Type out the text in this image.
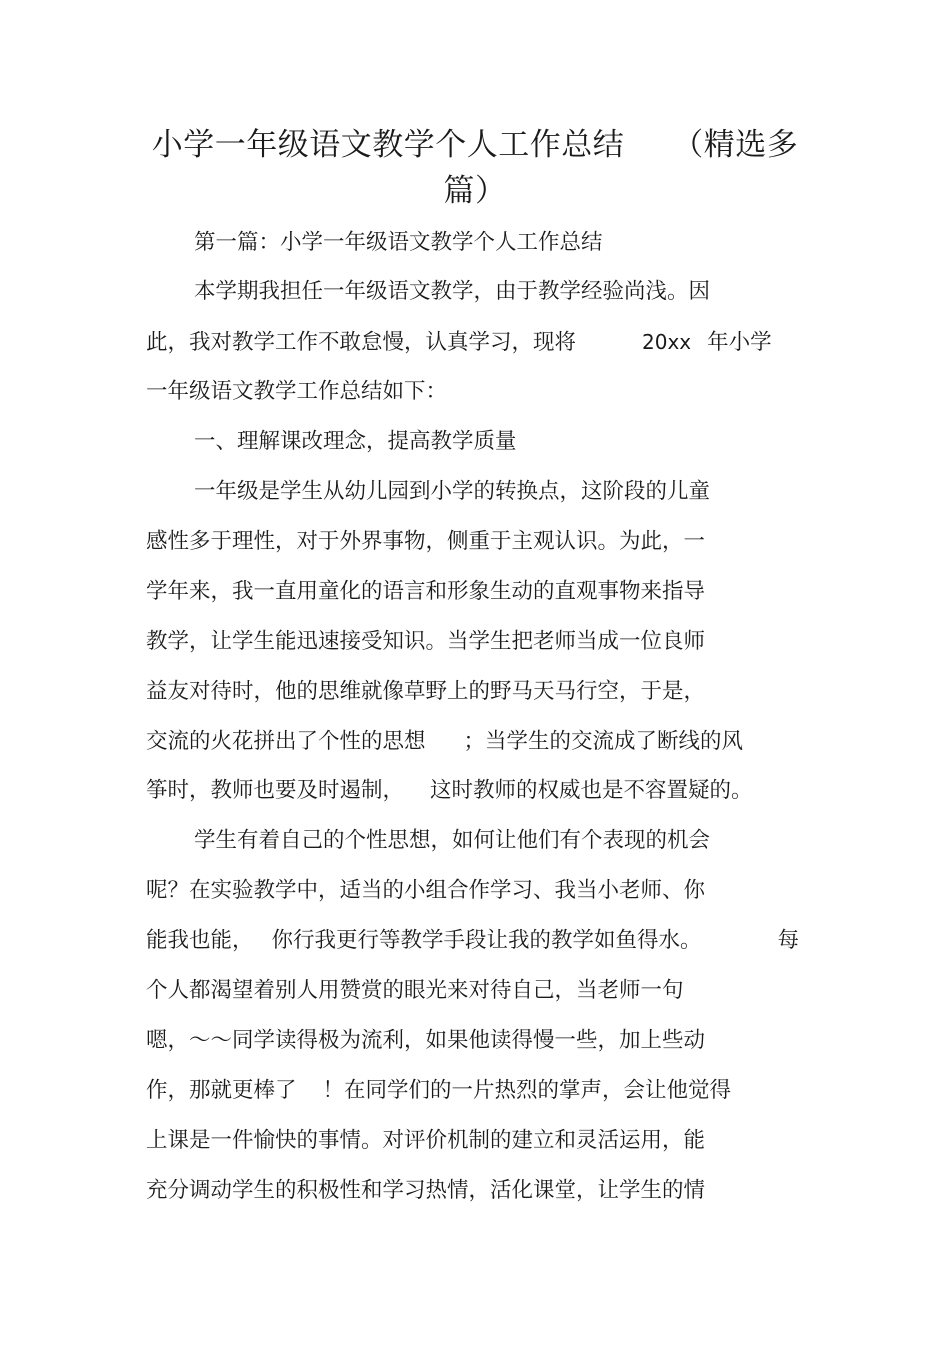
小学一年级语文教学个人工作总结 （精选多
篇）

第一篇：小学一年级语文教学个人工作总结

本学期我担任一年级语文教学，由于教学经验尚浅。因

此，我对教学工作不敢怠慢，认真学习，现将	20xx 年小学

一年级语文教学工作总结如下：

一、理解课改理念，提高教学质量

一年级是学生从幼儿园到小学的转换点，这阶段的儿童

感性多于理性，对于外界事物，侧重于主观认识。为此，一

学年来，我一直用童化的语言和形象生动的直观事物来指导

教学，让学生能迅速接受知识。当学生把老师当成一位良师

益友对待时，他的思维就像草野上的野马天马行空，于是，

交流的火花拼出了个性的思想 ；当学生的交流成了断线的风

筝时，教师也要及时遏制， 这时教师的权威也是不容置疑的。

学生有着自己的个性思想，如何让他们有个表现的机会

呢？在实验教学中，适当的小组合作学习、我当小老师、你

能我也能， 你行我更行等教学手段让我的教学如鱼得水。	每

个人都渴望着别人用赞赏的眼光来对待自己，当老师一句

嗯，～～同学读得极为流利，如果他读得慢一些，加上些动

作，那就更棒了 ！在同学们的一片热烈的掌声，会让他觉得

上课是一件愉快的事情。对评价机制的建立和灵活运用，能

充分调动学生的积极性和学习热情，活化课堂，让学生的情
